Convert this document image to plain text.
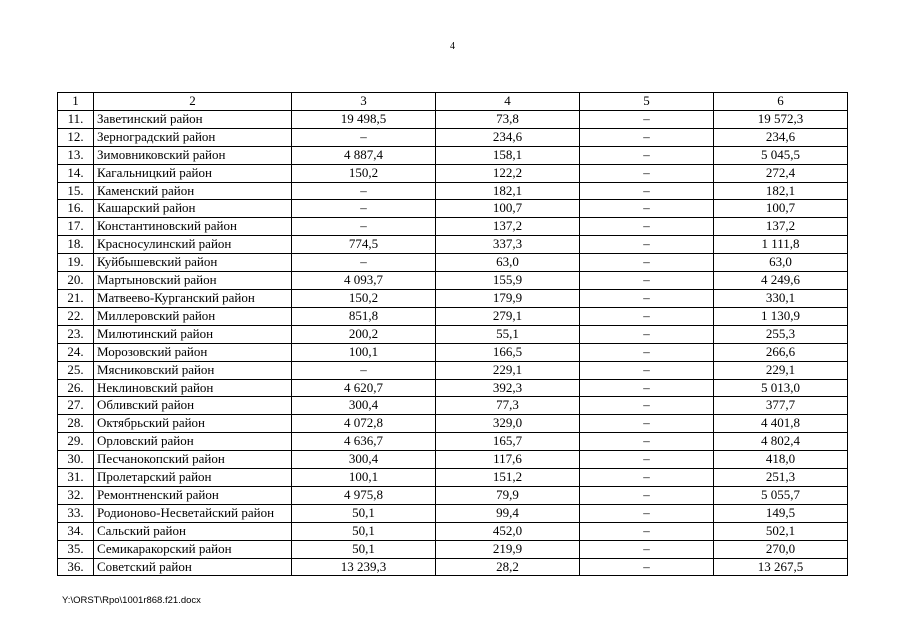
4
1	2	3	4	5	6
11.	Заветинский район	19 498,5	73,8	–	19 572,3
12.	Зерноградский район	–	234,6	–	234,6
13.	Зимовниковский район	4 887,4	158,1	–	5 045,5
14.	Кагальницкий район	150,2	122,2	–	272,4
15.	Каменский район	–	182,1	–	182,1
16.	Кашарский район	–	100,7	–	100,7
17.	Константиновский район	–	137,2	–	137,2
18.	Красносулинский район	774,5	337,3	–	1 111,8
19.	Куйбышевский район	–	63,0	–	63,0
20.	Мартыновский район	4 093,7	155,9	–	4 249,6
21.	Матвеево-Курганский район	150,2	179,9	–	330,1
22.	Миллеровский район	851,8	279,1	–	1 130,9
23.	Милютинский район	200,2	55,1	–	255,3
24.	Морозовский район	100,1	166,5	–	266,6
25.	Мясниковский район	–	229,1	–	229,1
26.	Неклиновский район	4 620,7	392,3	–	5 013,0
27.	Обливский район	300,4	77,3	–	377,7
28.	Октябрьский район	4 072,8	329,0	–	4 401,8
29.	Орловский район	4 636,7	165,7	–	4 802,4
30.	Песчанокопский район	300,4	117,6	–	418,0
31.	Пролетарский район	100,1	151,2	–	251,3
32.	Ремонтненский район	4 975,8	79,9	–	5 055,7
33.	Родионово-Несветайский район	50,1	99,4	–	149,5
34.	Сальский район	50,1	452,0	–	502,1
35.	Семикаракорский район	50,1	219,9	–	270,0
36.	Советский район	13 239,3	28,2	–	13 267,5
Y:\ORST\Rpo\1001r868.f21.docx
